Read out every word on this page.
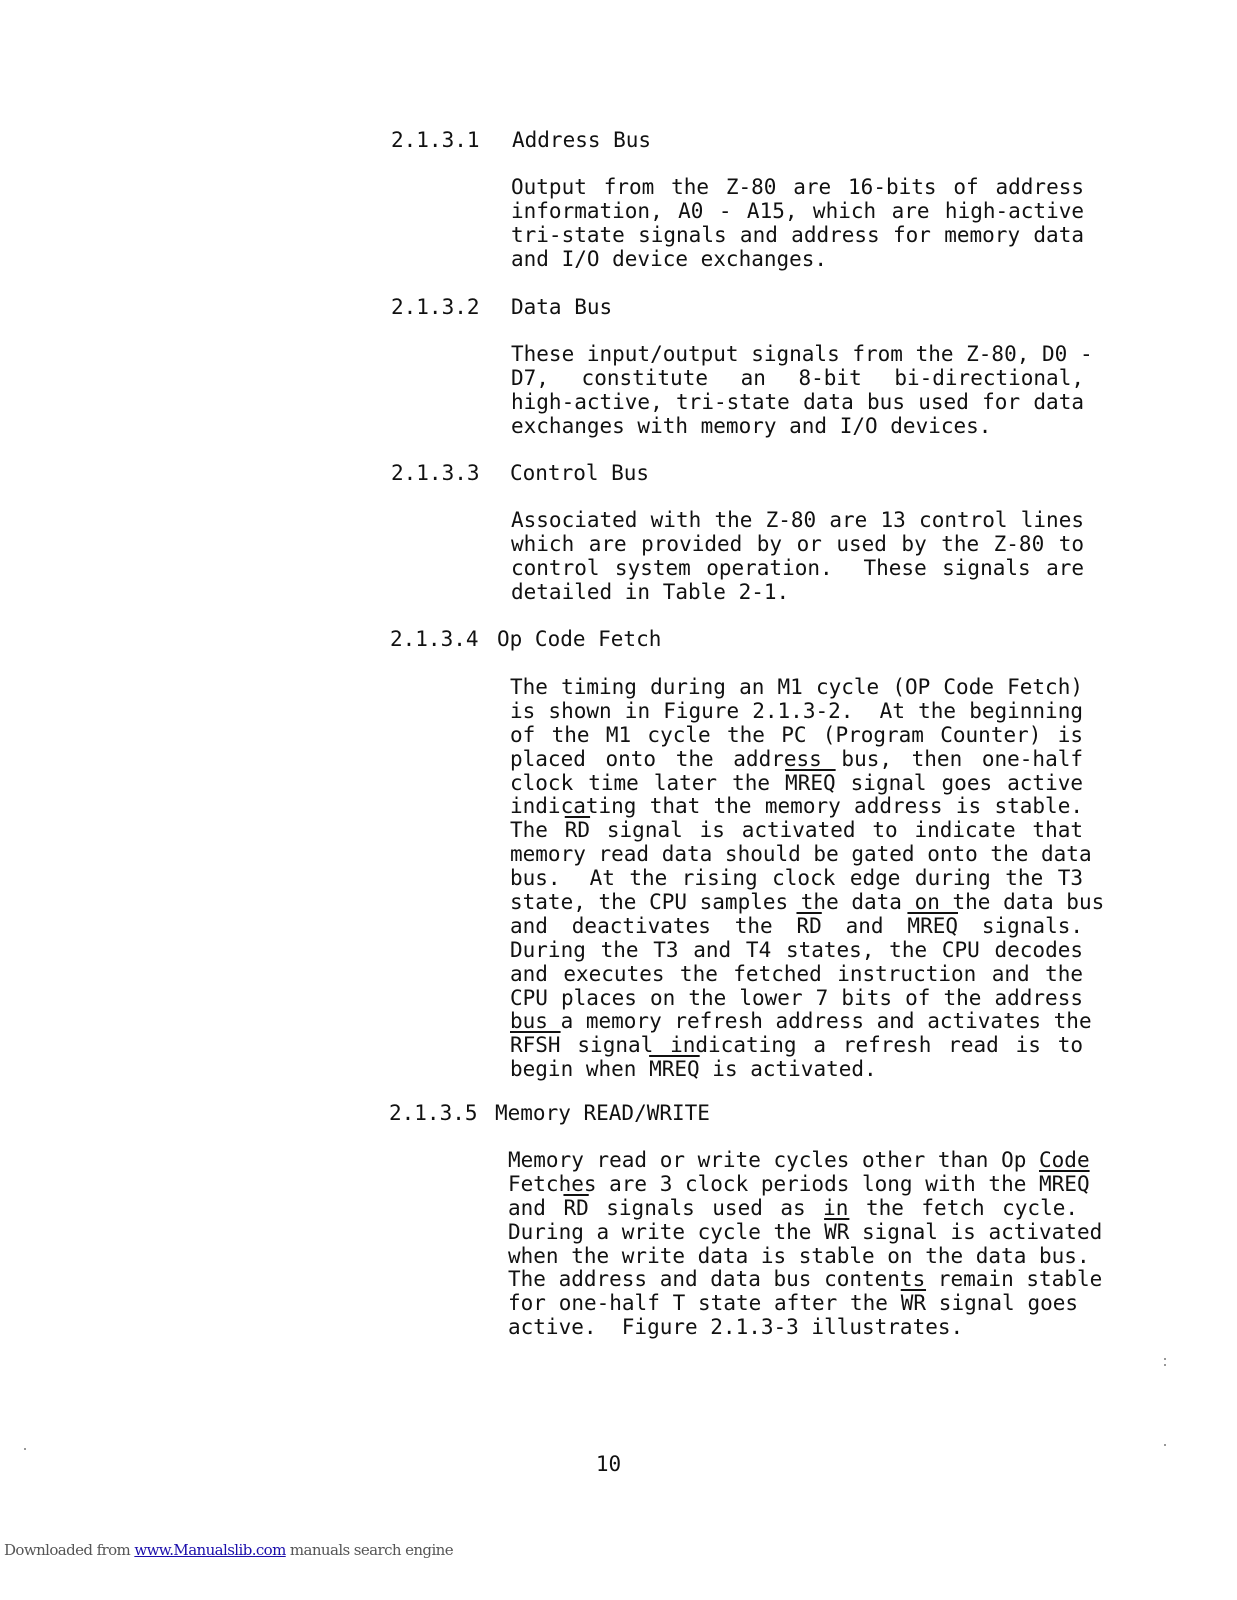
2.1.3.1 Address Bus
Output from the Z-80 are 16-bits of address
information, A0 - A15, which are high-active
tri-state signals and address for memory data
and I/O device exchanges.
2.1.3.2 Data Bus
These input/output signals from the Z-80, D0 -
D7, constitute an 8-bit bi-directional,
high-active, tri-state data bus used for data
exchanges with memory and I/O devices.
2.1.3.3 Control Bus
Associated with the Z-80 are 13 control lines
which are provided by or used by the Z-80 to
control system operation.  These signals are
detailed in Table 2-1.
2.1.3.4 Op Code Fetch
The timing during an M1 cycle (OP Code Fetch)
is shown in Figure 2.1.3-2.  At the beginning
of the M1 cycle the PC (Program Counter) is
placed onto the address bus, then one-half
clock time later the MREQ signal goes active
indicating that the memory address is stable.
The $\overline{RD}$ signal is activated to indicate that
memory read data should be gated onto the data
bus.  At the rising clock edge during the T3
state, the CPU samples the data on the data bus
and deactivates the $\overline{RD}$ and MREQ signals.
During the T3 and T4 states, the CPU decodes
and executes the fetched instruction and the
CPU places on the lower 7 bits of the address
bus a memory refresh address and activates the
RFSH signal indicating a refresh read is to
begin when MREQ is activated.
2.1.3.5 Memory READ/WRITE
Memory read or write cycles other than Op Code
Fetches are 3 clock periods long with the MREQ
and $\overline{RD}$ signals used as in the fetch cycle.
During a write cycle the $\overline{WR}$ signal is activated
when the write data is stable on the data bus.
The address and data bus contents remain stable
for one-half T state after the $\overline{WR}$ signal goes
active.  Figure 2.1.3-3 illustrates.
10
Downloaded from www.Manualslib.com manuals search engine
